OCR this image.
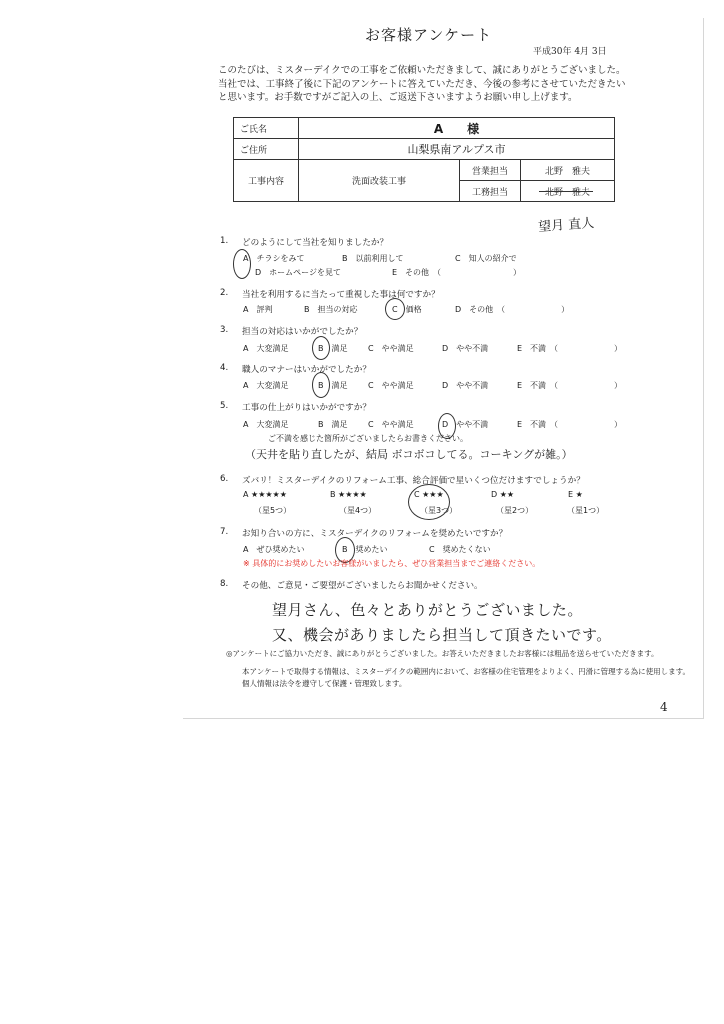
お客様アンケート
平成30年 4月 3日
このたびは、ミスターデイクでの工事をご依頼いただきまして、誠にありがとうございました。
当社では、工事終了後に下記のアンケートに答えていただき、今後の参考にさせていただきたい
と思います。お手数ですがご記入の上、ご返送下さいますようお願い申し上げます。
ご氏名	A　　様		
ご住所	山梨県南アルプス市		
工事内容	洗面改装工事	営業担当	北野　雅夫
		工務担当	北野　雅夫
望月 直人
1. どのようにして当社を知りましたか？
A　チラシをみて	B　以前利用して	C　知人の紹介で
D　ホームページを見て	E　その他　（　　　　　　　　　）
2. 当社を利用するに当たって重視した事は何ですか？
A　評判	B　担当の対応	C　価格	D　その他　（　　　　　　　）
3. 担当の対応はいかがでしたか？
A　大変満足	B　満足	C　やや満足	D　やや不満	E　不満　（　　　　　　　）
4. 職人のマナーはいかがでしたか？
A　大変満足	B　満足	C　やや満足	D　やや不満	E　不満　（　　　　　　　）
5. 工事の仕上がりはいかがですか？
A　大変満足	B　満足	C　やや満足	D　やや不満	E　不満　（　　　　　　　）
ご不満を感じた箇所がございましたらお書きください。
（天井を貼り直したが、結局 ボコボコしてる。コーキングが雑。）
6. ズバリ！ミスターデイクのリフォーム工事、総合評価で星いくつ位だけますでしょうか？
A ★★★★★	B ★★★★	C ★★★	D ★★	E ★
（星5つ）	（星4つ）	（星3つ）	（星2つ）	（星1つ）
7. お知り合いの方に、ミスターデイクのリフォームを奨めたいですか？
A　ぜひ奨めたい	B　奨めたい	C　奨めたくない
※ 具体的にお奨めしたいお客様がいましたら、ぜひ営業担当までご連絡ください。
8. その他、ご意見・ご要望がございましたらお聞かせください。
望月さん、色々とありがとうございました。
又、機会がありましたら担当して頂きたいです。
◎アンケートにご協力いただき、誠にありがとうございました。お答えいただきましたお客様には粗品を送らせていただきます。
本アンケートで取得する情報は、ミスターデイクの範囲内において、お客様の住宅管理をよりよく、円滑に管理する為に使用します。
個人情報は法令を遵守して保護・管理致します。
4
